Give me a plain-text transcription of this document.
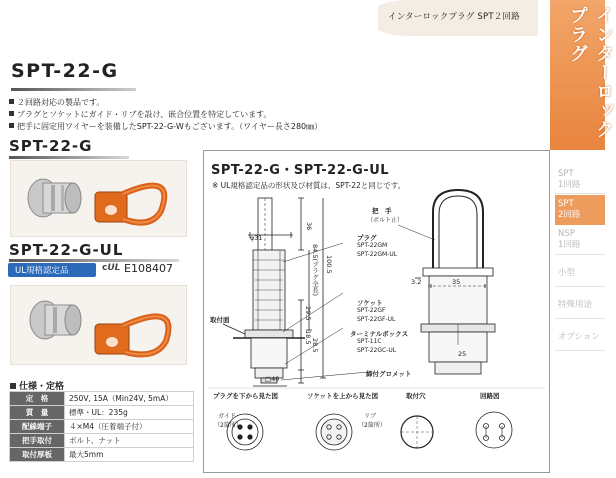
インターロックプラグ SPT２回路	インターロックプラグ
SPT
1回路
SPT
2回路
NSP
1回路
小型
特殊用途
オプション
SPT-22-G
２回路対応の製品です。
プラグとソケットにガイド・リブを設け、嵌合位置を特定しています。
把手に固定用ワイヤーを装備したSPT-22-G-Wもございます。（ワイヤー長さ280㎜）
SPT-22-G
SPT-22-G-UL
UL規格認定品	ᴄ𝙐𝙇 E108407
仕様・定格
定　格	250V, 15A（Min24V, 5mA）
質　量	標準・UL：235g
配線端子	４×M4（圧着端子付）
把手取付	ボルト、ナット
取付厚板	最大5mm
SPT-22-G・SPT-22-G-UL
※ UL規格認定品の形状及び材質は、SPT-22と同じです。
φ31
36
84.5(プラグ全長) 100.5
29.5
18.5
28.5
□40
3.2	35
25
取付面
把　手
（ボルト止）
プラグ
SPT-22GM
SPT-22GM-UL
ソケット
SPT-22GF
SPT-22GF-UL
ターミナルボックス
SPT-11C
SPT-22GC-UL
締付グロメット
プラグを下から見た図	ソケットを上から見た図	取付穴	回路図
ガイド
（2箇所）
リブ
（2箇所）
